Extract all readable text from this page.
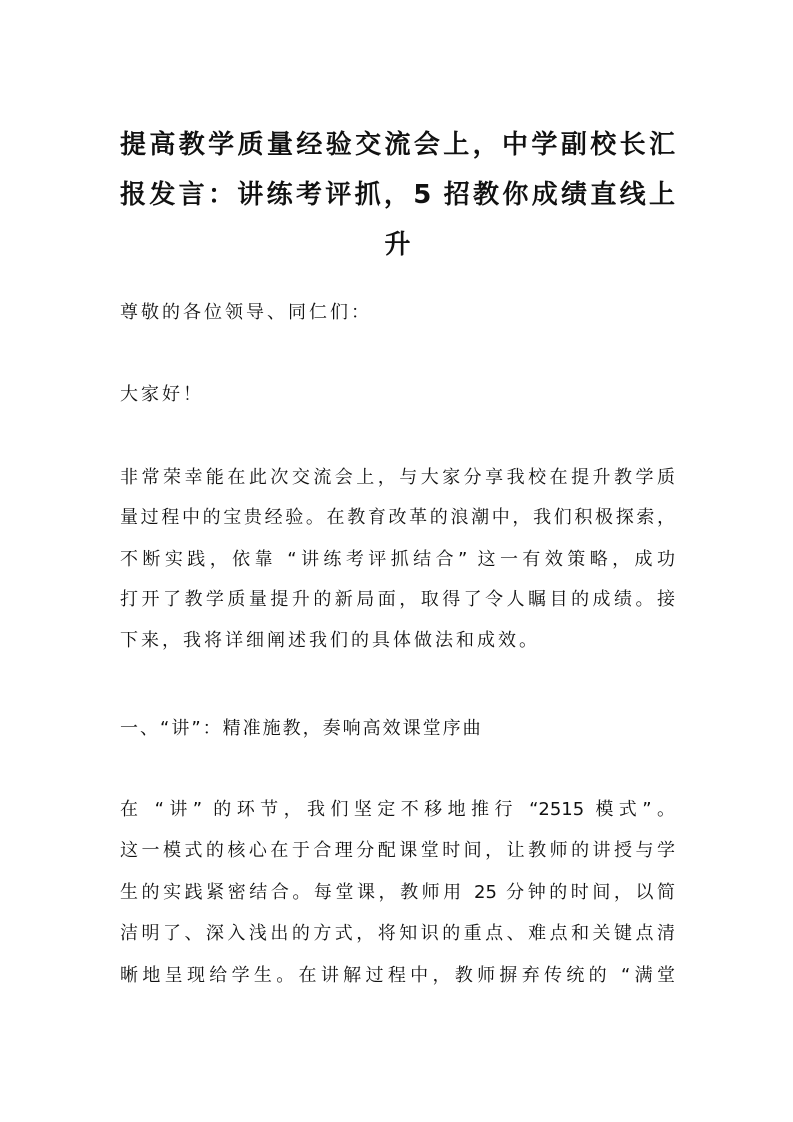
提高教学质量经验交流会上，中学副校长汇
报发言：讲练考评抓，5 招教你成绩直线上
升
尊敬的各位领导、同仁们：
大家好！
非常荣幸能在此次交流会上，与大家分享我校在提升教学质
量过程中的宝贵经验。在教育改革的浪潮中，我们积极探索，
不断实践，依靠 “讲练考评抓结合” 这一有效策略，成功
打开了教学质量提升的新局面，取得了令人瞩目的成绩。接
下来，我将详细阐述我们的具体做法和成效。
一、“讲”：精准施教，奏响高效课堂序曲
在 “讲” 的环节，我们坚定不移地推行 “2515 模式”。
这一模式的核心在于合理分配课堂时间，让教师的讲授与学
生的实践紧密结合。每堂课，教师用 25 分钟的时间，以简
洁明了、深入浅出的方式，将知识的重点、难点和关键点清
晰地呈现给学生。在讲解过程中，教师摒弃传统的 “满堂
